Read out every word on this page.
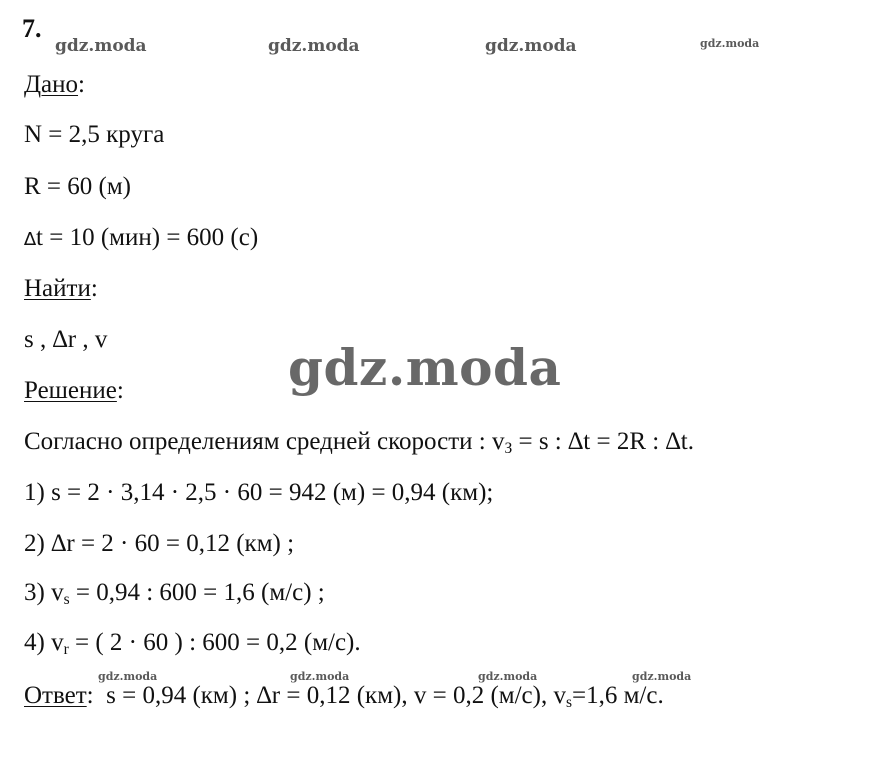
7.
gdz.moda	gdz.moda	gdz.moda	gdz.moda
Дано:
N = 2,5 круга
R = 60 (м)
∆t = 10 (мин) = 600 (с)
Найти:
s , ∆r , v	gdz.moda
Решение:
Согласно определениям средней скорости : $v_З = s$ : ∆t = 2R : ∆t.
1) s = 2 · 3,14 · 2,5 · 60 = 942 (м) = 0,94 (км);
2) ∆r = 2 · 60 = 0,12 (км) ;
3) $v_s = 0,94$ : 600 = 1,6 (м/с) ;
4) $v_r$ = ( 2 · 60 ) : 600 = 0,2 (м/с).
gdz.moda	gdz.moda	gdz.moda	gdz.moda
Ответ:  s = 0,94 (км) ; ∆r = 0,12 (км), v = 0,2 (м/с), $v_s=1,6$ м/с.
